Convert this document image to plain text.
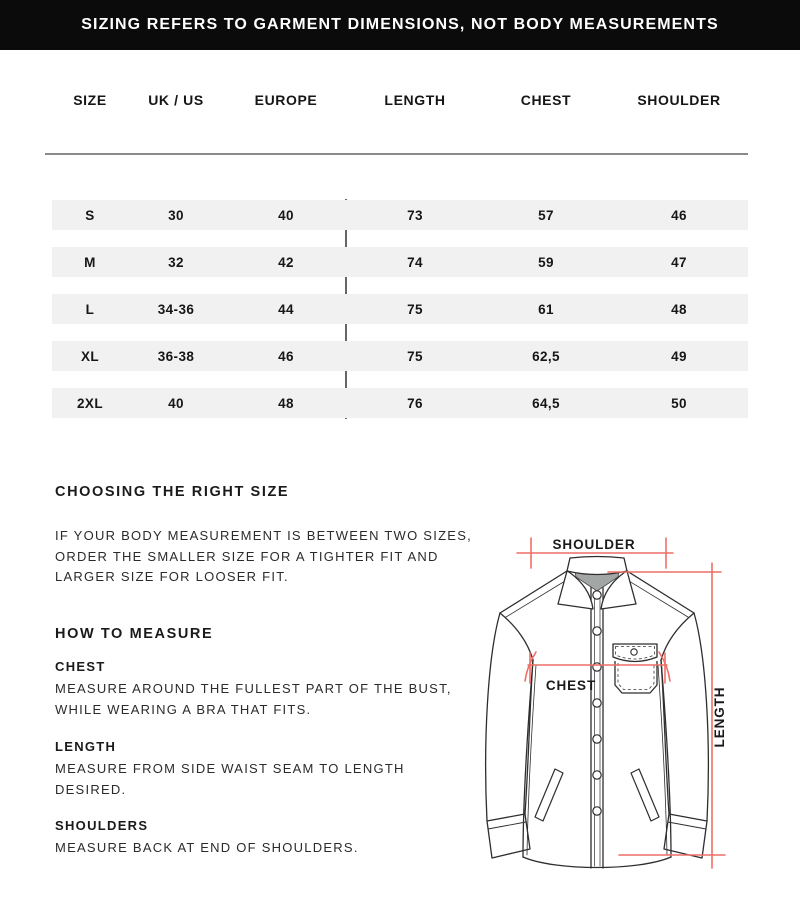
SIZING REFERS TO GARMENT DIMENSIONS, NOT BODY MEASUREMENTS
SIZE	UK / US	EUROPE	LENGTH	CHEST	SHOULDER
S	30	40	73	57	46
M	32	42	74	59	47
L	34-36	44	75	61	48
XL	36-38	46	75	62,5	49
2XL	40	48	76	64,5	50
CHOOSING THE RIGHT SIZE
IF YOUR BODY MEASUREMENT IS BETWEEN TWO SIZES,
ORDER THE SMALLER SIZE FOR A TIGHTER FIT AND
LARGER SIZE FOR LOOSER FIT.
HOW TO MEASURE
CHEST
MEASURE AROUND THE FULLEST PART OF THE BUST,
WHILE WEARING A BRA THAT FITS.
LENGTH
MEASURE FROM SIDE WAIST SEAM TO LENGTH
DESIRED.
SHOULDERS
MEASURE BACK AT END OF SHOULDERS.
SHOULDER
CHEST
LENGTH
